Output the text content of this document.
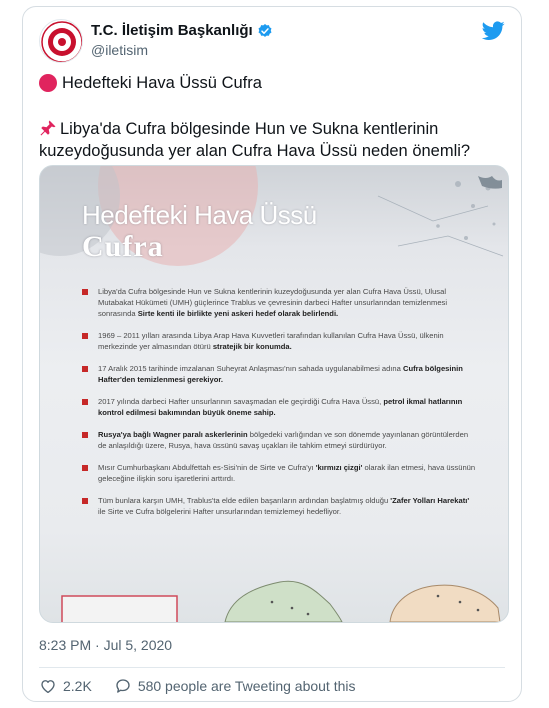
T.C. İletişim Başkanlığı
@iletisim
Hedefteki Hava Üssü Cufra
Libya'da Cufra bölgesinde Hun ve Sukna kentlerinin kuzeydoğusunda yer alan Cufra Hava Üssü neden önemli?
Hedefteki Hava Üssü
Cufra
Libya'da Cufra bölgesinde Hun ve Sukna kentlerinin kuzeydoğusunda yer alan Cufra Hava Üssü, Ulusal Mutabakat Hükümeti (UMH) güçlerince Trablus ve çevresinin darbeci Hafter unsurlarından temizlenmesi sonrasında Sirte kenti ile birlikte yeni askeri hedef olarak belirlendi.
1969 – 2011 yılları arasında Libya Arap Hava Kuvvetleri tarafından kullanılan Cufra Hava Üssü, ülkenin merkezinde yer almasından ötürü stratejik bir konumda.
17 Aralık 2015 tarihinde imzalanan Suheyrat Anlaşması'nın sahada uygulanabilmesi adına Cufra bölgesinin Hafter'den temizlenmesi gerekiyor.
2017 yılında darbeci Hafter unsurlarının savaşmadan ele geçirdiği Cufra Hava Üssü, petrol ikmal hatlarının kontrol edilmesi bakımından büyük öneme sahip.
Rusya'ya bağlı Wagner paralı askerlerinin bölgedeki varlığından ve son dönemde yayınlanan görüntülerden de anlaşıldığı üzere, Rusya, hava üssünü savaş uçakları ile tahkim etmeyi sürdürüyor.
Mısır Cumhurbaşkanı Abdulfettah es-Sisi'nin de Sirte ve Cufra'yı 'kırmızı çizgi' olarak ilan etmesi, hava üssünün geleceğine ilişkin soru işaretlerini arttırdı.
Tüm bunlara karşın UMH, Trablus'ta elde edilen başarıların ardından başlatmış olduğu 'Zafer Yolları Harekatı' ile Sirte ve Cufra bölgelerini Hafter unsurlarından temizlemeyi hedefliyor.
8:23 PM · Jul 5, 2020
2.2K	580 people are Tweeting about this
